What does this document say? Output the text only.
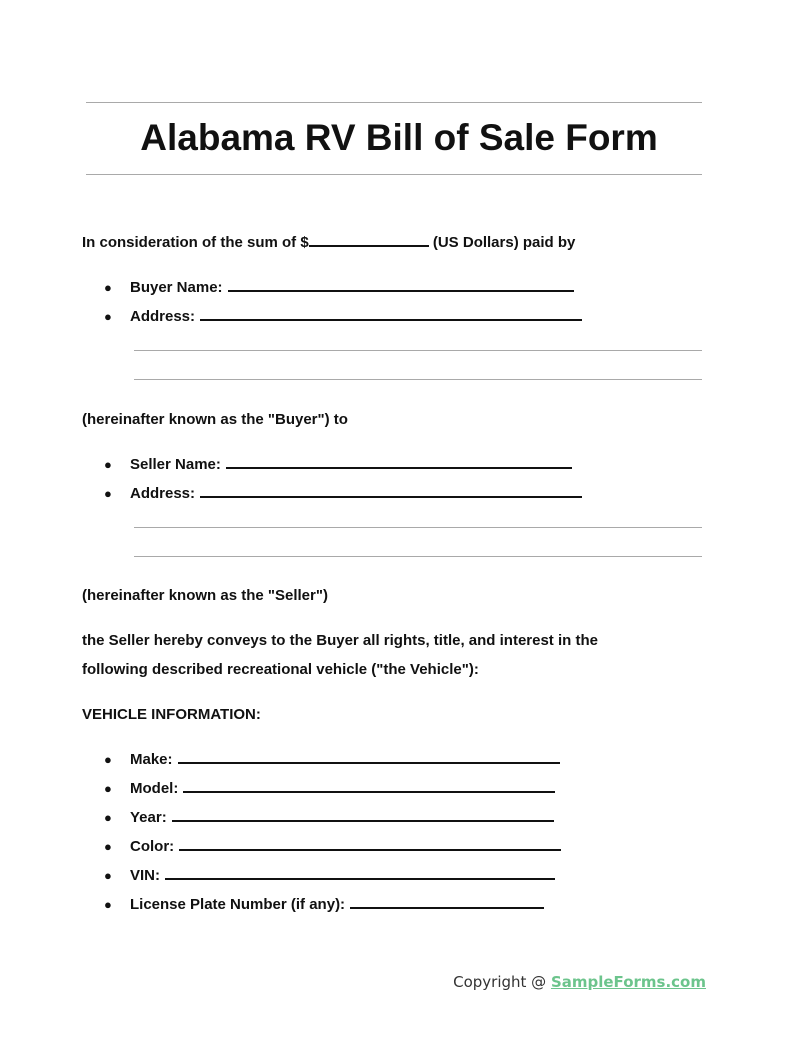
Alabama RV Bill of Sale Form

In consideration of the sum of $	(US Dollars) paid by

● Buyer Name:
● Address:

(hereinafter known as the "Buyer") to

● Seller Name:
● Address:

(hereinafter known as the "Seller")

the Seller hereby conveys to the Buyer all rights, title, and interest in the

following described recreational vehicle ("the Vehicle"):

VEHICLE INFORMATION:

● Make:
● Model:
● Year:
● Color:
● VIN:
● License Plate Number (if any):
Copyright @ SampleForms.com
